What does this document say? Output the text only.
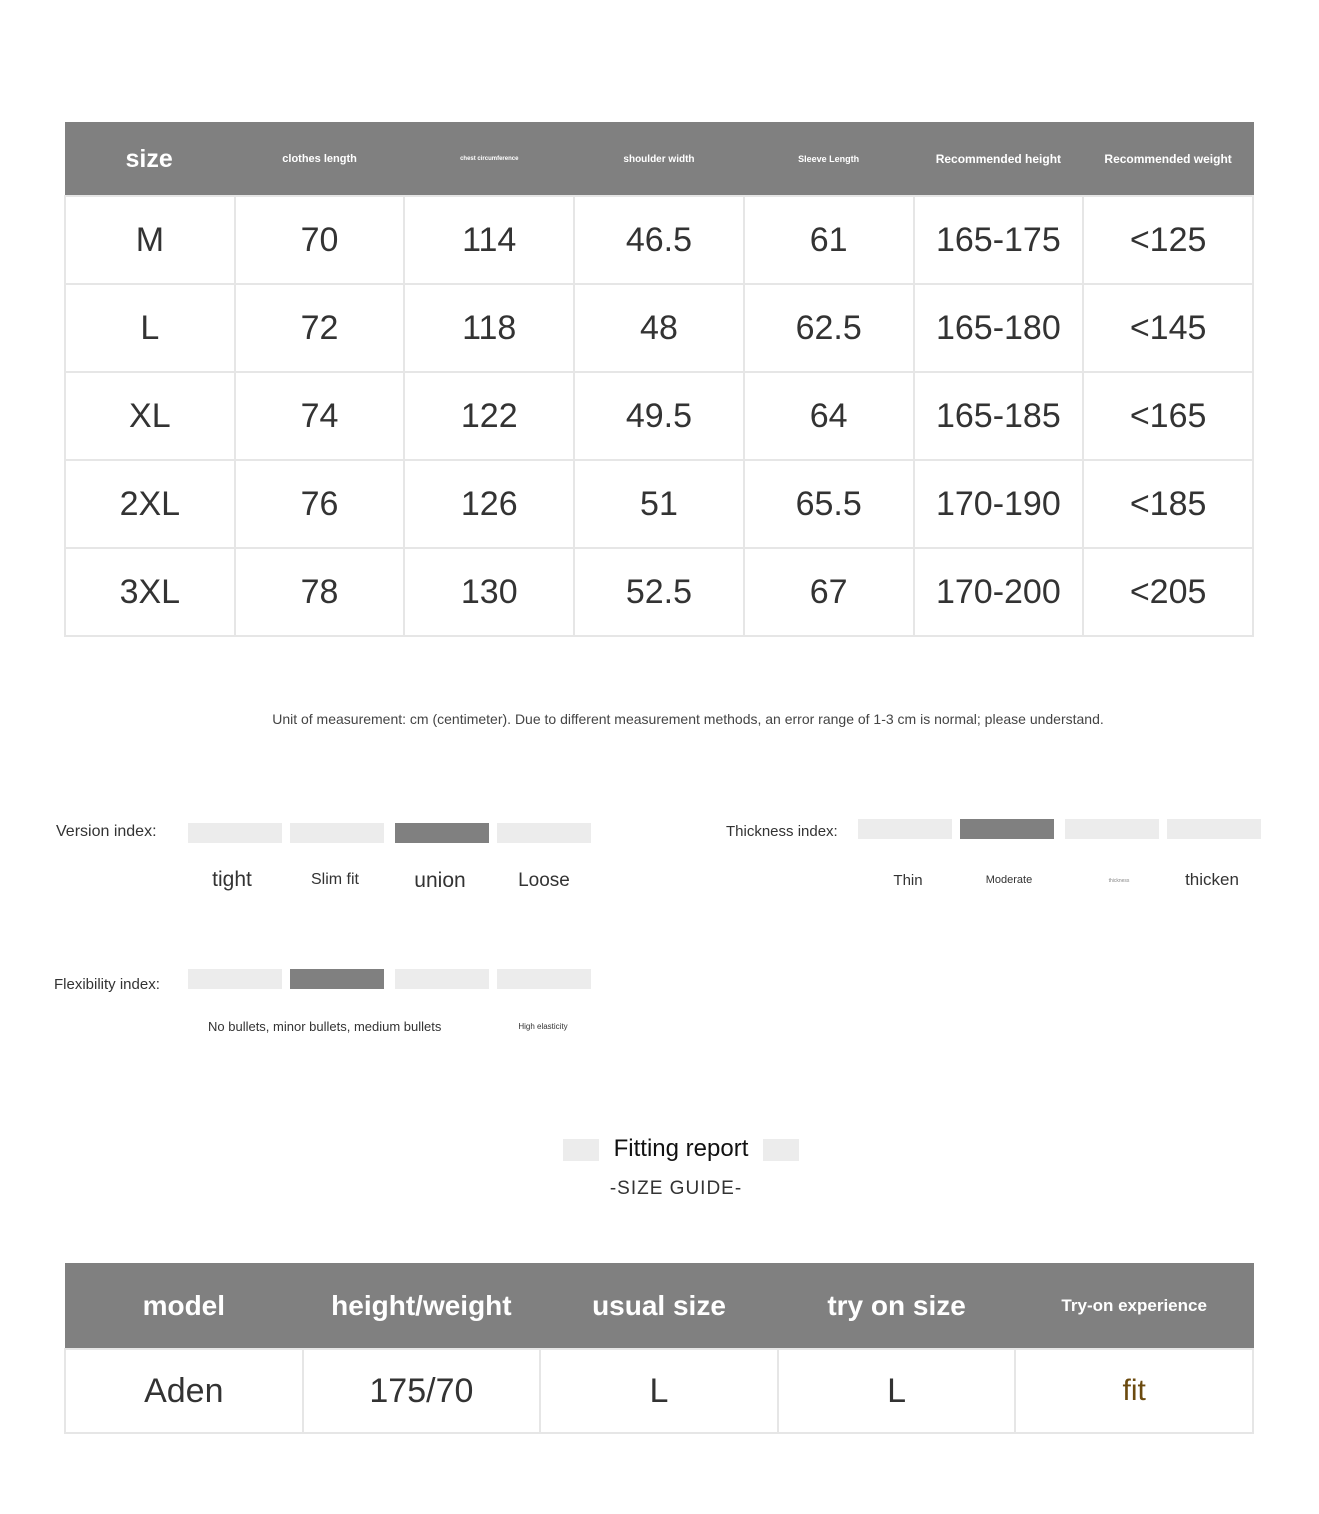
size	clothes length	chest circumference	shoulder width	Sleeve Length	Recommended height	Recommended weight
M	70	114	46.5	61	165-175	<125
L	72	118	48	62.5	165-180	<145
XL	74	122	49.5	64	165-185	<165
2XL	76	126	51	65.5	170-190	<185
3XL	78	130	52.5	67	170-200	<205
Unit of measurement: cm (centimeter). Due to different measurement methods, an error range of 1-3 cm is normal; please understand.
Version index:
tight	Slim fit	union	Loose
Thickness index:
Thin	Moderate	thickness	thicken
Flexibility index:
No bullets, minor bullets, medium bullets	High elasticity
Fitting report
-SIZE GUIDE-
model	height/weight	usual size	try on size	Try-on experience
Aden	175/70	L	L	fit
